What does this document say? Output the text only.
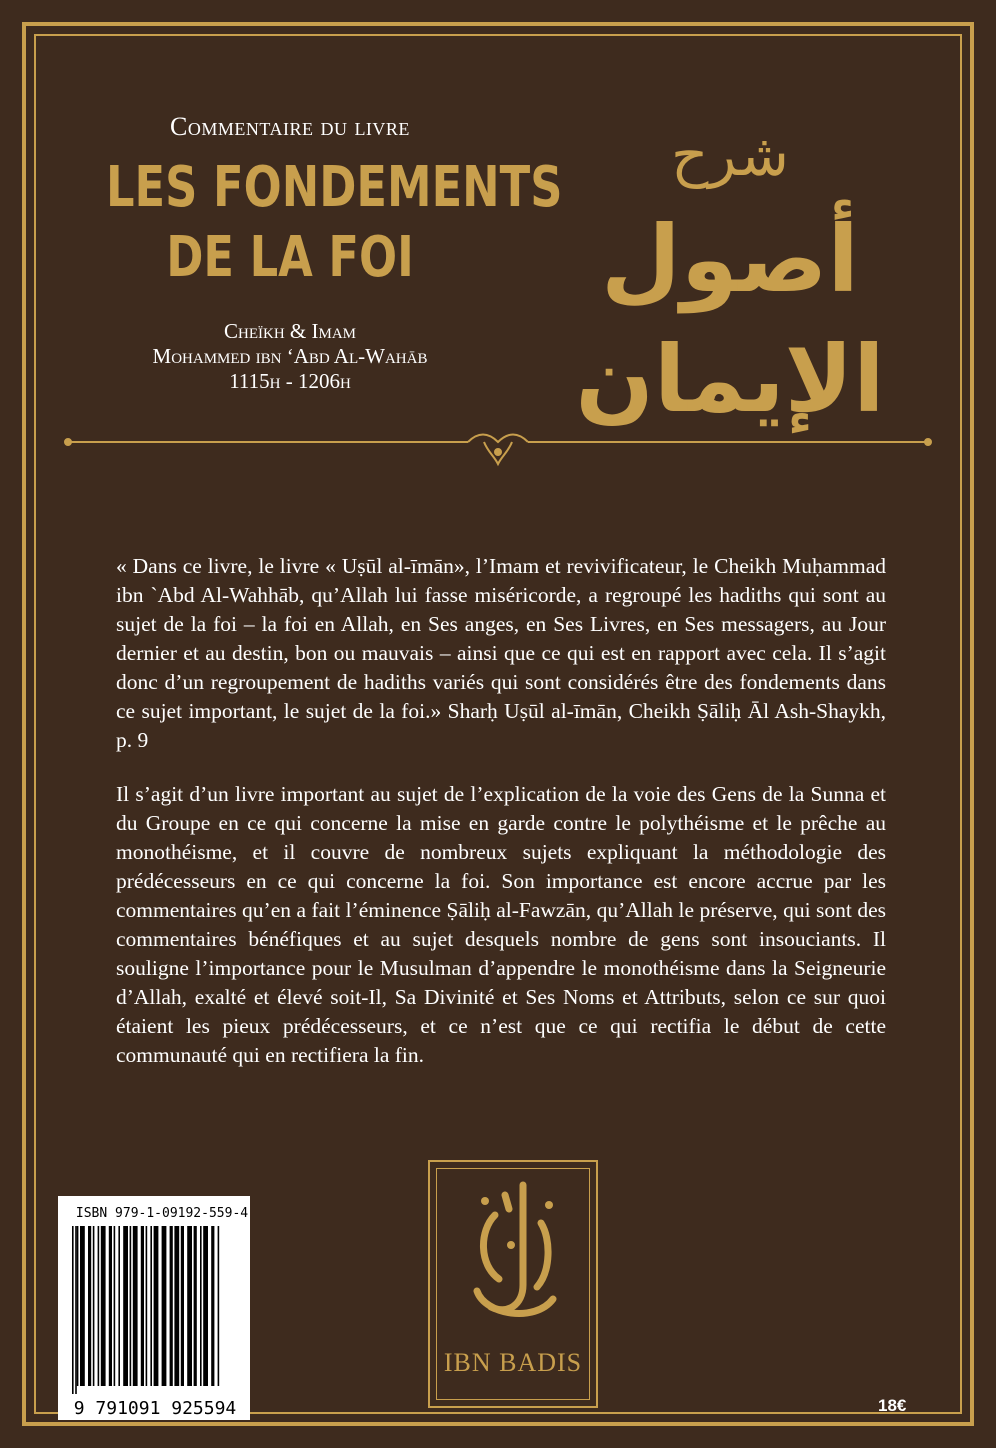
Commentaire du livre
LES FONDEMENTS
DE LA FOI
Cheïkh & Imam
Mohammed ibn ‘Abd Al-Wahāb
1115h - 1206h
شرح
أصول الإيمان
« Dans ce livre, le livre « Uṣūl al-īmān», l’Imam et revivificateur, le Cheikh Muḥammad ibn `Abd Al-Wahhāb, qu’Allah lui fasse miséricorde, a regroupé les hadiths qui sont au sujet de la foi – la foi en Allah, en Ses anges, en Ses Livres, en Ses messagers, au Jour dernier et au destin, bon ou mauvais – ainsi que ce qui est en rapport avec cela. Il s’agit donc d’un regroupement de hadiths variés qui sont considérés être des fondements dans ce sujet important, le sujet de la foi.» Sharḥ Uṣūl al-īmān, Cheikh Ṣāliḥ Āl Ash-Shaykh, p. 9
Il s’agit d’un livre important au sujet de l’explication de la voie des Gens de la Sunna et du Groupe en ce qui concerne la mise en garde contre le polythéisme et le prêche au monothéisme, et il couvre de nombreux sujets expliquant la méthodologie des prédécesseurs en ce qui concerne la foi. Son importance est encore accrue par les commentaires qu’en a fait l’éminence Ṣāliḥ al-Fawzān, qu’Allah le préserve, qui sont des commentaires bénéfiques et au sujet desquels nombre de gens sont insouciants. Il souligne l’importance pour le Musulman d’appendre le monothéisme dans la Seigneurie d’Allah, exalté et élevé soit-Il, Sa Divinité et Ses Noms et Attributs, selon ce sur quoi étaient les pieux prédécesseurs, et ce n’est que ce qui rectifia le début de cette communauté qui en rectifiera la fin.
ISBN 979-1-09192-559-4
9 791091 925594
IBN BADIS
18€
